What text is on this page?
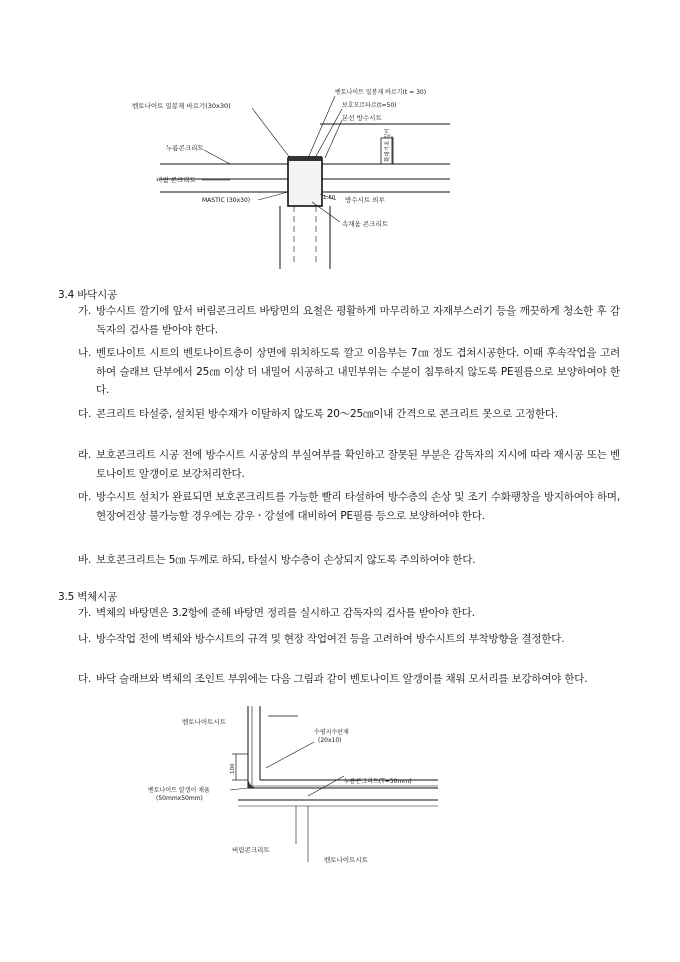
벤토나이트 밀봉재 바르기(30x30)
누름콘크리트
버림 콘크리트
MASTIC (30x30)
벤토나이트 밀봉재 바르기(t = 30)
보호모르타르(t=50)
본선 방수시트
확대기초 깊이
1:50 방수시트 외부
속채움 콘크리트
3.4 바닥시공
가. 방수시트 깔기에 앞서 버림콘크리트 바탕면의 요철은 평활하게 마무리하고 자재부스러기 등을 깨끗하게 청소한 후 감독자의 검사를 받아야 한다.
나. 벤토나이트 시트의 벤토나이트층이 상면에 위치하도록 깔고 이음부는 7㎝ 정도 겹쳐시공한다. 이때 후속작업을 고려하여 슬래브 단부에서 25㎝ 이상 더 내밀어 시공하고 내민부위는 수분이 침투하지 않도록 PE필름으로 보양하여야 한다.
다. 콘크리트 타설중, 설치된 방수재가 이탈하지 않도록 20～25㎝이내 간격으로 콘크리트 못으로 고정한다.
라. 보호콘크리트 시공 전에 방수시트 시공상의 부실여부를 확인하고 잘못된 부분은 감독자의 지시에 따라 재시공 또는 벤토나이트 알갱이로 보강처리한다.
마. 방수시트 설치가 완료되면 보호콘크리트를 가능한 빨리 타설하여 방수층의 손상 및 조기 수화팽창을 방지하여야 하며, 현장여건상 불가능할 경우에는 강우ㆍ강설에 대비하여 PE필름 등으로 보양하여야 한다.
바. 보호콘크리트는 5㎝ 두께로 하되, 타설시 방수층이 손상되지 않도록 주의하여야 한다.
3.5 벽체시공
가. 벽체의 바탕면은 3.2항에 준해 바탕면 정리를 실시하고 감독자의 검사를 받아야 한다.
나. 방수작업 전에 벽체와 방수시트의 규격 및 현장 작업여건 등을 고려하여 방수시트의 부착방향을 결정한다.
다. 바닥 슬래브와 벽체의 조인트 부위에는 다음 그림과 같이 벤토나이트 알갱이를 채워 모서리를 보강하여야 한다.
벤토나이트시트
수평지수판재
(20x10)
100
누름콘크리트(T=50mm)
벤토나이트 알갱이 채움
(50mmx50mm)
버림콘크리트
벤토나이트시트
